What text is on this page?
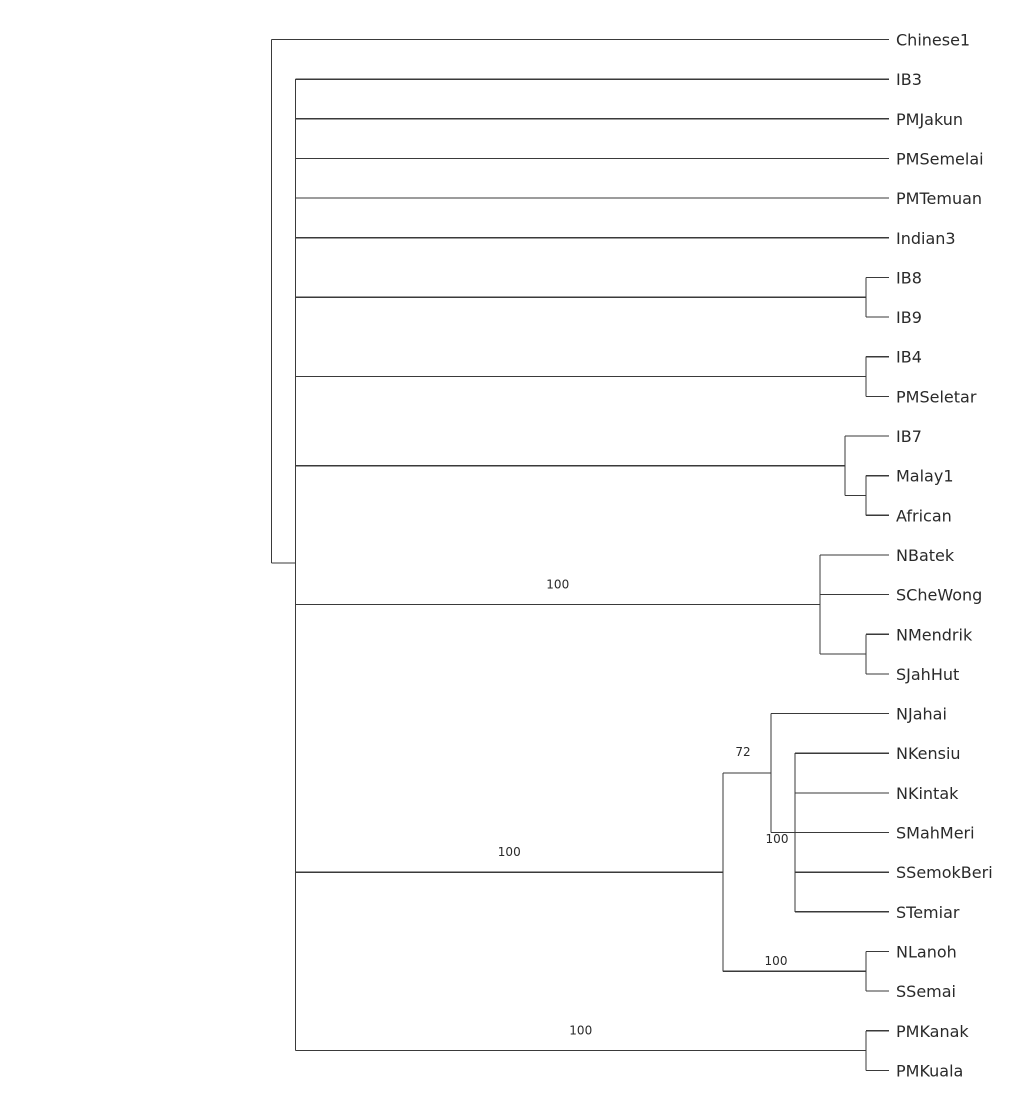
Chinese1
IB3
PMJakun
PMSemelai
PMTemuan
Indian3
IB8
IB9
IB4
PMSeletar
IB7
Malay1
African
NBatek
SCheWong
NMendrik
SJahHut
100
NJahai
NKensiu
NKintak
SMahMeri
SSemokBeri
STemiar
100
72
NLanoh
SSemai
100
100
PMKanak
PMKuala
100
